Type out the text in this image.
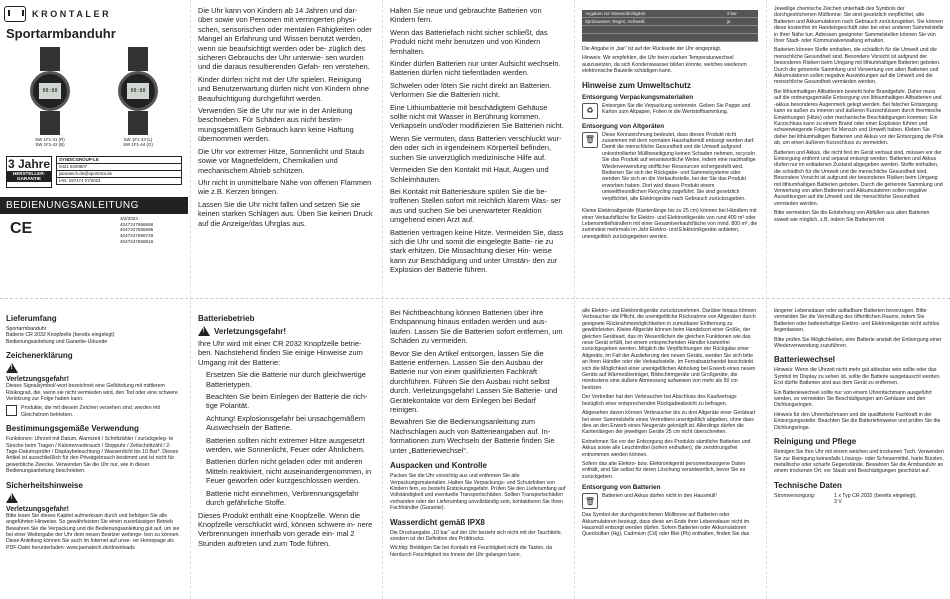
KRONTALER
Sportarmbanduhr
88:88
SW 1F1-41 (R)
SW 1F1-42 (B)
88:88
SW 1F1-43 (L)
SW 1F1-44 (G)
3 Jahre
HERSTELLER-
GARANTIE
SYNDICGROUP-LE
0421 5409807
jaenatech.de@sportreta.de
IAN: 297474 07/2024
BEDIENUNGSANLEITUNG
CE
AN DE: 29674734
3/3/2024
4047247666688
4047247666695
4047247666749
4047247666816

Die Uhr kann von Kindern ab 14 Jahren und dar- über sowie von Personen mit verringerten physi- schen, sensorischen oder mentalen Fähigkeiten oder Mangel an Erfahrung und Wissen benutzt werden, wenn sie beaufsichtigt werden oder be- züglich des sicheren Gebrauchs der Uhr unterwie- sen wurden und die daraus resultierenden Gefah- ren verstehen.

Kinder dürfen nicht mit der Uhr spielen. Reinigung und Benutzerwartung dürfen nicht von Kindern ohne Beaufsichtigung durchgeführt werden.

Verwenden Sie die Uhr nur wie in der Anleitung beschrieben. Für Schäden aus nicht bestim- mungsgemäßem Gebrauch kann keine Haftung übernommen werden.

Die Uhr vor extremer Hitze, Sonnenlicht und Staub sowie vor Magnetfeldern, Chemikalien und mechanischem Abrieb schützen.

Uhr nicht in unmittelbare Nähe von offenen Flammen wie z.B. Kerzen bringen.

Lassen Sie die Uhr nicht fallen und setzen Sie sie keinen starken Schlägen aus. Üben Sie keinen Druck auf die Anzeige/das Uhrglas aus.

Halten Sie neue und gebrauchte Batterien von Kindern fern.

Wenn das Batteriefach nicht sicher schließt, das Produkt nicht mehr benutzen und von Kindern fernhalten.

Kinder dürfen Batterien nur unter Aufsicht wechseln. Batterien dürfen nicht tiefentladen werden.

Schwelen oder löten Sie nicht direkt an Batterien. Verformen Sie die Batterien nicht.

Eine Lithiumbatterie mit beschädigtem Gehäuse sollte nicht mit Wasser in Berührung kommen. Verkapseln und/oder modifizieren Sie Batterien nicht.

Wenn Sie vermuten, dass Batterien verschluckt wur- den oder sich in irgendeinem Körperteil befinden, suchen Sie unverzüglich medizinische Hilfe auf.

Vermeiden Sie den Kontakt mit Haut, Augen und Schleimhäuten.

Bei Kontakt mit Batteriesäure spülen Sie die be- troffenen Stellen sofort mit reichlich klarem Was- ser aus und suchen Sie bei unerwarteter Reaktion umgehend einen Arzt auf.

Batterien vertragen keine Hitze. Vermeiden Sie, dass sich die Uhr und somit die eingelegte Batte- rie zu stark erhitzen. Die Missachtung dieser Hin- weise kann zur Beschädigung und unter Umstän- den zur Explosion der Batterie führen.

Angaben zur Wasserdichtigkeit	3 bar
Spritzwasser, Regen, Schweiß	ja

Die Angabe in „bar“ ist auf der Rückseite der Uhr eingeprägt.

Hinweis: Wir empfehlen, die Uhr beim starken Temperaturwechsel auszusetzen, da sich Kondenswasser bilden könnte, welches wiederum elektronische Bauteile schädigen kann.

Hinweise zum Umweltschutz
Entsorgung Verpackungsmaterialien
♻

Entsorgen Sie die Verpackung sortenrein. Geben Sie Pappe und Karton zum Altpapier, Folien in die Wertstoffsammlung.

Entsorgung von Altgeräten
🗑

Diese Kennzeichnung bedeutet, dass dieses Produkt nicht zusammen mit dem normalen Haushaltsmüll entsorgt werden darf. Damit die menschliche Gesundheit und die Umwelt aufgrund unkontrollierter Müllbeseitigung keinen Schaden nehmen, recyceln Sie das Produkt auf verantwortliche Weise, indem eine nachhaltige Wiederverwendung stofflicher Ressourcen sichergestellt wird. Bedienen Sie sich der Rückgabe- und Sammelsysteme oder wenden Sie sich an die Verkaufsstelle, bei der Sie das Produkt erworben haben. Dort wird dieses Produkt einem umweltfreundlichen Recycling zugeführt. Sie sind gesetzlich verpflichtet, alte Elektrogeräte nach Gebrauch zurückzugeben.

Kleine Elektroaltgeräte (Kantenlänge bis zu 25 cm) können bei Händlern mit einer Verkaufsfläche für Elektro- und Elektronikgeräte von rund 400 m² oder Lebensmittelhändlern mit einer Gesamtverkaufsfläche von mind. 800 m², die zumindest mehrmals im Jahr Elektro- und Elektronikgeräte anbieten, unentgeltlich zurückgegeben werden.

Jeweilige chemische Zeichen unterhalb des Symbols der durchgestrichenen Mülltonne: Sie sind gesetzlich verpflichtet, alte Batterien und Akkumulatoren nach Gebrauch zurückzugeben. Sie können diese kostenfrei im Handelsgeschäft oder bei einer anderen Sammelstelle in Ihrer Nähe tun. Adressen geeigneter Sammelstellen können Sie von Ihrer Stadt- oder Kommunalverwaltung erhalten.

Batterien können Stoffe enthalten, die schädlich für die Umwelt und die menschliche Gesundheit sind. Besondere Vorsicht ist aufgrund der besonderen Risiken beim Umgang mit lithiumhaltigen Batterien geboten. Durch die getrennte Sammlung und Verwertung von alten Batterien und Akkumulatoren sollen negative Auswirkungen auf die Umwelt und die menschliche Gesundheit vermieden werden.

Bei lithiumhaltigen Altbatterien besteht hohe Brandgefahr. Daher muss auf die ordnungsgemäße Entsorgung von lithiumhaltigen Altbatterien und -akkus besonderes Augenmerk gelegt werden. Bei falscher Entsorgung kann es außen zu inneren und äußeren Kurzschlüssen durch thermische Einwirkungen (Hitze) oder mechanische Beschädigungen kommen. Ein Kurzschluss kann zu einem Brand oder einer Explosion führen und schwerwiegende Folgen für Mensch und Umwelt haben. Kleben Sie daher bei lithiumhaltigen Batterien und Akkus vor der Entsorgung die Pole ab, um einen äußeren Kurzschluss zu vermeiden.

Batterien und Akkus, die nicht fest im Gerät verbaut sind, müssen vor der Entsorgung entfernt und separat entsorgt werden. Batterien und Akkus dürfen nur im entladenen Zustand abgegeben werden. Stoffe enthalten, die schädlich für die Umwelt und die menschliche Gesundheit sind. Besondere Vorsicht ist aufgrund der besonderen Risiken beim Umgang mit lithiumhaltigen Batterien geboten. Durch die getrennte Sammlung und Verwertung von alten Batterien und Akkumulatoren sollen negative Auswirkungen auf die Umwelt und die menschliche Gesundheit vermieden werden.

Bitte vermeiden Sie die Entstehung von Abfällen aus alten Batterien soweit wie möglich, z.B. indem Sie Batterien mit

Lieferumfang

Sportarmbanduhr
Batterie CR 2032 Knopfzelle (bereits eingelegt)
Bedienungsanleitung und Garantie-Urkunde

Zeichenerklärung
!
Verletzungsgefahr!

Dieses Signalsymbol/-wort bezeichnet eine Gefährdung mit mittlerem Risikograd, die, wenn sie nicht vermieden wird, den Tod oder eine schwere Verletzung zur Folge haben kann.

Produkte, die mit diesem Zeichen versehen sind, werden mit Gleichstrom betrieben.

Bestimmungsgemäße Verwendung

Funktionen: Uhrzeit mit Datum, Alarmzeit / Schrittzähler / zurückgeleg- te Strecke beim Tragen / Kalorienverbrauch / Stoppuhr / Zeitschrittzähl / 2-Tage-Datumsprüfer / Displaybeleuchtung / Wasserdicht bis 10 Bar*. Dieses Artikel ist ausschließlich für den Privatgebrauch bestimmt und ist nicht für gewerbliche Zwecke. Verwenden Sie die Uhr nur, wie in dieser Bedienungsanleitung beschrieben.

Sicherheitshinweise
!
Verletzungsgefahr!

Bitte lesen Sie dieses Kapitel aufmerksam durch und befolgen Sie alle angeführten Hinweise. So gewährleisten Sie einen zuverlässigen Betrieb Bewahren Sie die Verpackung und die Bedienungsanleitung gut auf, um sie bei einer Weitergabe der Uhr dem neuen Besitzer weiterge- ben zu können. Diese Anleitung können Sie auch im Internet auf unse- rer Homepage als PDF-Datei herunterladen: www.jaenatech.de/downloads

Batteriebetrieb
!
Verletzungsgefahr!

Ihre Uhr wird mit einer CR 2032 Knopfzelle betrie- ben. Nachstehend finden Sie einige Hinweise zum Umgang mit der Batterie:

Ersetzen Sie die Batterie nur durch gleichwertige Batterietypen.

Beachten Sie beim Einlegen der Batterie die rich- tige Polarität.

Achtung! Explosionsgefahr bei unsachgemäßem Auswechseln der Batterie.

Batterien sollten nicht extremer Hitze ausgesetzt werden, wie Sonnenlicht, Feuer oder Ähnlichem.

Batterien dürfen nicht geladen oder mit anderen Mitteln reaktiviert, nicht auseinandergenommen, in Feuer geworfen oder kurzgeschlossen werden.

Batterie nicht einnehmen, Verbrennungsgefahr durch gefährliche Stoffe.

Dieses Produkt enthält eine Knopfzelle. Wenn die Knopfzelle verschluckt wird, können schwere in- nere Verbrennungen innerhalb von gerade ein- mal 2 Stunden auftreten und zum Tode führen.

Bei Nichtbeachtung können Batterien über ihre Endspannung hinaus entladen werden und aus- laufen. Lassen Sie die Batterien sofort entfernen, um Schäden zu vermeiden.

Bevor Sie den Artikel entsorgen, lassen Sie die Batterie entfernen. Lassen Sie den Ausbau der Batterie nur von einer qualifizierten Fachkraft durchführen. Führen Sie den Ausbau nicht selbst durch. Verletzungsgefahr! Lassen Sie Batterie- und Gerätekontakte vor dem Einlegen bei Bedarf reinigen.

Bewahren Sie die Bedienungsanleitung zum Nachschlagen auch von Batterieangaben auf. In- formationen zum Wechseln der Batterie finden Sie unter „Batteriewechsel“.

Auspacken und Kontrolle

Packen Sie die Uhr vorsichtig aus und entfernen Sie alle Verpackungsmaterialien. Halten Sie Verpackungs- und Schutzfolien von Kindern fern, es besteht Erstickungsgefahr. Prüfen Sie den Lieferumfang auf Vollständigkeit und eventuelle Transportschäden. Sollten Transportschäden vorhanden oder der Lieferumfang unvollständig sein, kontaktieren Sie Ihren Fachhändler (Garantie).

Wasserdicht gemäß IPX8

Die Druckangabe „10 bar“ auf der Uhr bezieht sich nicht mit der Tauchtiefe, sondern ist der Definition des Prüfdrucks.

Wichtig: Betätigen Sie bei Kontakt mit Feuchtigkeit nicht die Tasten, da hierdurch Feuchtigkeit ins Innere der Uhr gelangen kann.

alle Elektro- und Elektronikgeräte zurückzunehmen. Darüber hinaus können Verbraucher die Pflicht, die unentgeltliche Rücknahme von Altgeräten durch geeignete Rücknahmemöglichkeiten in zumutbarer Entfernung zu gewährleisten. Kleine Altgeräte können beim Handelsort einer Größe, der gleichen Geräteart, das im Wesentlichen die gleichen Funktionen wie das neue Gerät erfüllt, bei einem entsprechenden Händler kostenfrei zurückgegeben werden. Möglich die Verpflichtungen der Rückgabe einer Altgeräts, im Fall der Auslieferung des neuen Geräts, werden Sie sich bitte an Ihren Händler oder die Verkaufsstelle. Im Fernabsatzhandel beschränkt sich die Möglichkeit einer unentgeltlichen Abholung bei Erwerb eines neuen Geräts auf Wärmeüberträger, Bildschirmgeräte und Großgeräte, die mindestens eine äußere Abmessung aufweisen von mehr als 50 cm besitzen.

Der Vertreiber hat den Verbraucher bei Abschluss des Kaufvertrags bezüglich einer entsprechenden Rückgabeabsicht zu befragen.

Abgesehen davon können Verbraucher bis zu drei Altgeräte einer Geräteart bei einer Sammelstelle eines Vertreibers unentgeltlich abgeben, ohne dass dies an den Erwerb eines Neugeräts geknüpft ist. Allerdings dürfen die Kantenlängen der jeweiligen Geräte 25 cm nicht überschreiten.

Entnehmen Sie vor der Entsorgung des Produkts sämtliche Batterien und Akkus sowie alle Leuchtmittel (sofern enthalten), die zerstörungsfrei entnommen werden können.

Sofern das alte Elektro- bzw. Elektronikgerät personenbezogene Daten enthält, sind Sie selbst für deren Löschung verantwortlich, bevor Sie es zurückgeben.

Entsorgung von Batterien
🗑

Batterien und Akkus dürfen nicht in den Hausmüll!

Das Symbol der durchgestrichenen Mülltonne auf Batterien oder Akkumulatoren bezeugt, dass diese am Ende ihrer Lebensdauer nicht im Hausmüll entsorgt werden dürfen. Sofern Batterien oder Akkumulatoren Quecksilber (Hg), Cadmium (Cd) oder Blei (Pb) enthalten, finden Sie das

längerer Lebensdauer oder aufladbare Batterien bevorzugen. Bitte vermeiden Sie die Vermüllung des öffentlichen Raums, indem Sie Batterien oder batteriehaltige Elektro- und Elektronikgeräte nicht achtlos liegenlassen.

Bitte prüfen Sie Möglichkeiten, eine Batterie anstatt der Entsorgung einer Wiederverwendung zuzuführen.

Batteriewechsel

Hinweis: Wenn die Uhrzeit nicht mehr gut ablesbar sein sollte oder das Symbol im Display zu sehen ist, sollte die Batterie ausgetauscht werden. Erst dürfte Batterien sind aus dem Gerät zu entfernen.

Ein Batteriewechsel sollte nur von einem Uhrenfachmann ausgeführt werden, so vermeiden Sie Beschädigungen am Gehäuse und den Dichtungsringen.

Hinweis für den Uhrenfachmann und die qualifizierte Fachkraft in der Entsorgungsstelle: Beachten Sie die Batteriehinweise und prüfen Sie die Dichtungsringe.

Reinigung und Pflege

Reinigen Sie Ihre Uhr mit einem weichen und trockenen Tuch. Verwenden Sie zur Reinigung keinesfalls Lösungs- oder Scheuermittel, harte Bürsten, metallische oder scharfe Gegenstände. Bewahren Sie die Armbanduhr an einem trockenen Ort, vor Staub und Beschädigungen geschützt auf.

Technische Daten
Stromversorgung:	1 x Typ CR 2032 (bereits eingelegt),
3 V
